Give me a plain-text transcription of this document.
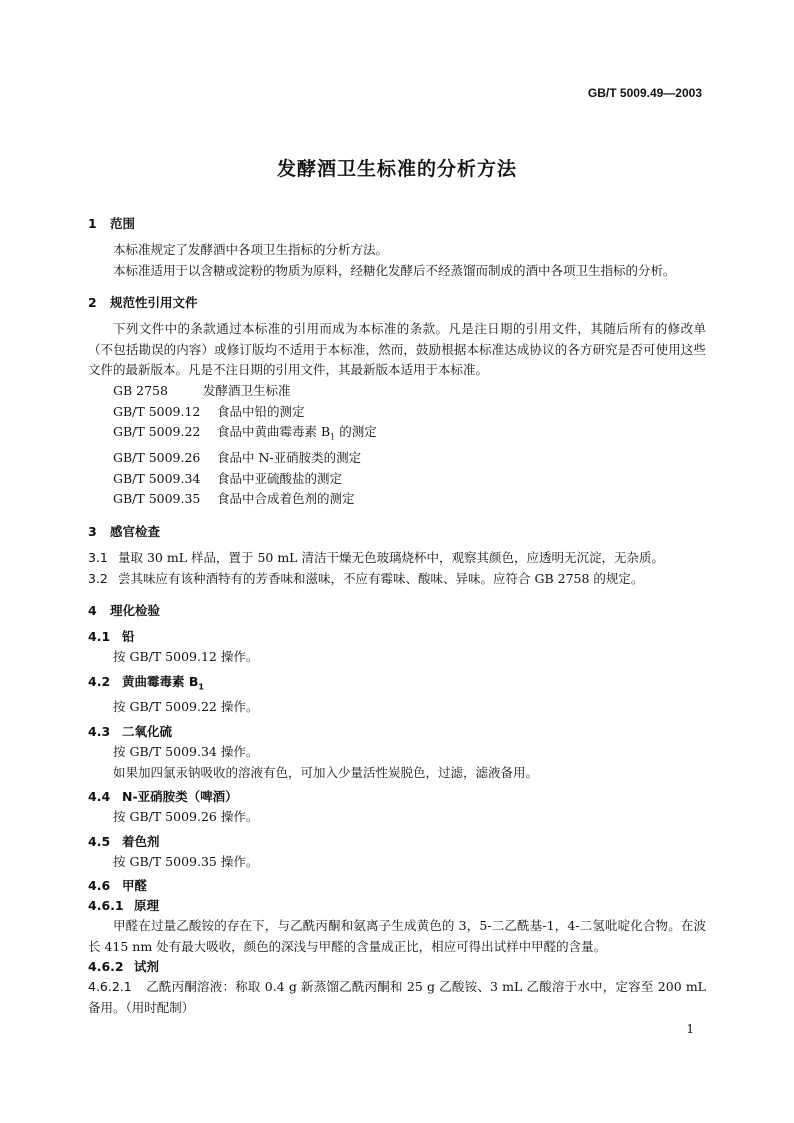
GB/T 5009.49—2003
发酵酒卫生标准的分析方法
1 范围
本标准规定了发酵酒中各项卫生指标的分析方法。
本标准适用于以含糖或淀粉的物质为原料，经糖化发酵后不经蒸馏而制成的酒中各项卫生指标的分析。
2 规范性引用文件
下列文件中的条款通过本标准的引用而成为本标准的条款。凡是注日期的引用文件，其随后所有的修改单（不包括勘误的内容）或修订版均不适用于本标准，然而，鼓励根据本标准达成协议的各方研究是否可使用这些文件的最新版本。凡是不注日期的引用文件，其最新版本适用于本标准。
GB 2758	发酵酒卫生标准
GB/T 5009.12 食品中铅的测定
GB/T 5009.22 食品中黄曲霉毒素 $B_1$ 的测定
GB/T 5009.26 食品中 N-亚硝胺类的测定
GB/T 5009.34 食品中亚硫酸盐的测定
GB/T 5009.35 食品中合成着色剂的测定
3 感官检查
3.1 量取 30 mL 样品，置于 50 mL 清洁干燥无色玻璃烧杯中，观察其颜色，应透明无沉淀，无杂质。
3.2 尝其味应有该种酒特有的芳香味和滋味，不应有霉味、酸味、异味。应符合 GB 2758 的规定。
4 理化检验
4.1 铅
按 GB/T 5009.12 操作。
4.2 黄曲霉毒素 $B_1$
按 GB/T 5009.22 操作。
4.3 二氧化硫
按 GB/T 5009.34 操作。
如果加四氯汞钠吸收的溶液有色，可加入少量活性炭脱色，过滤，滤液备用。
4.4 N-亚硝胺类（啤酒）
按 GB/T 5009.26 操作。
4.5 着色剂
按 GB/T 5009.35 操作。
4.6 甲醛
4.6.1 原理
甲醛在过量乙酸铵的存在下，与乙酰丙酮和氨离子生成黄色的 3，5-二乙酰基-1，4-二氢吡啶化合物。在波长 415 nm 处有最大吸收，颜色的深浅与甲醛的含量成正比，相应可得出试样中甲醛的含量。
4.6.2 试剂
4.6.2.1 乙酰丙酮溶液：称取 0.4 g 新蒸馏乙酰丙酮和 25 g 乙酸铵、3 mL 乙酸溶于水中，定容至 200 mL备用。（用时配制）
1
